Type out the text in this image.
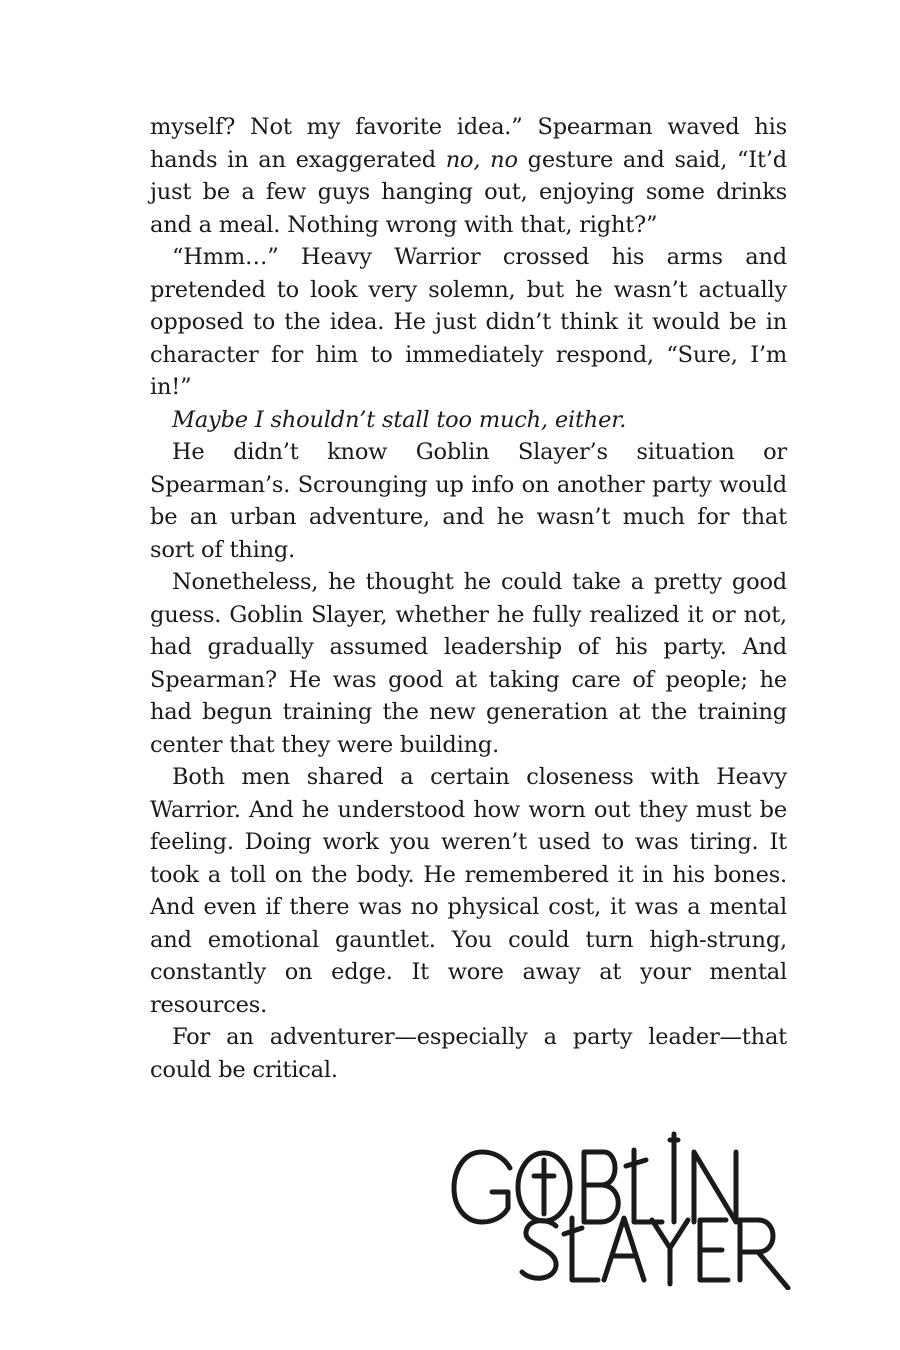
myself? Not my favorite idea.” Spearman waved his hands in an exaggerated no, no gesture and said, “It’d just be a few guys hanging out, enjoying some drinks and a meal. Nothing wrong with that, right?”

“Hmm…” Heavy Warrior crossed his arms and pretended to look very solemn, but he wasn’t actually opposed to the idea. He just didn’t think it would be in character for him to immediately respond, “Sure, I’m in!”

Maybe I shouldn’t stall too much, either.

He didn’t know Goblin Slayer’s situation or Spearman’s. Scrounging up info on another party would be an urban adventure, and he wasn’t much for that sort of thing.

Nonetheless, he thought he could take a pretty good guess. Goblin Slayer, whether he fully realized it or not, had gradually assumed leadership of his party. And Spearman? He was good at taking care of people; he had begun training the new generation at the training center that they were building.

Both men shared a certain closeness with Heavy Warrior. And he understood how worn out they must be feeling. Doing work you weren’t used to was tiring. It took a toll on the body. He remembered it in his bones. And even if there was no physical cost, it was a mental and emotional gauntlet. You could turn high-strung, constantly on edge. It wore away at your mental resources.

For an adventurer—especially a party leader—that could be critical.
